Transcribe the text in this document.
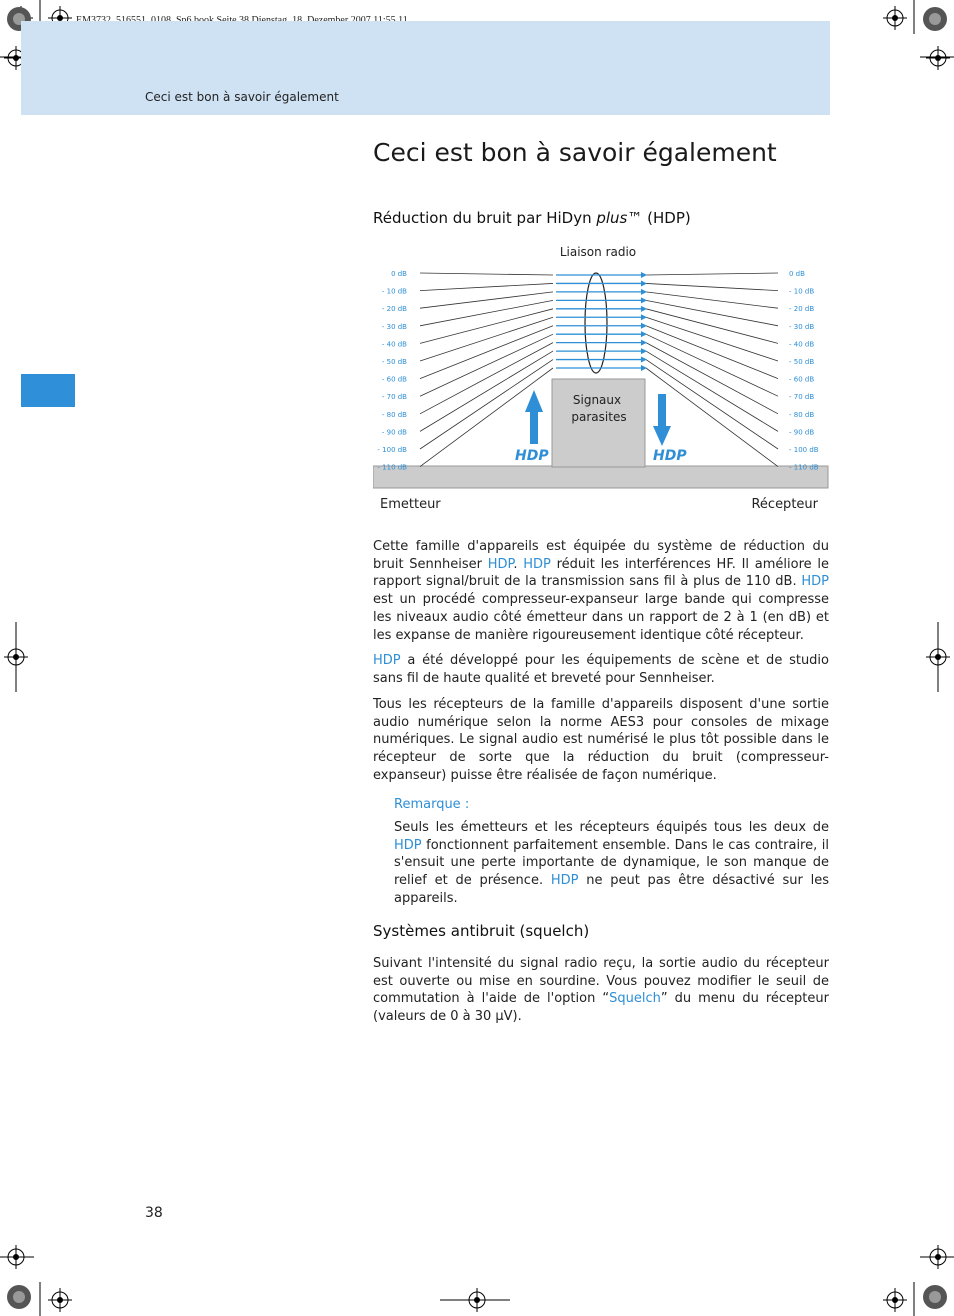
Ceci est bon à savoir également
Ceci est bon à savoir également
Réduction du bruit par HiDyn plus™ (HDP)
0 dB
- 10 dB
- 20 dB
- 30 dB
- 40 dB
- 50 dB
- 60 dB
- 70 dB
- 80 dB
- 90 dB
- 100 dB
- 110 dB
0 dB
- 10 dB
- 20 dB
- 30 dB
- 40 dB
- 50 dB
- 60 dB
- 70 dB
- 80 dB
- 90 dB
- 100 dB
- 110 dB
Liaison radio
Signaux
parasites
HDP	HDP
Emetteur	Récepteur

Cette famille d'appareils est équipée du système de réduction du bruit Sennheiser HDP. HDP réduit les interférences HF. Il améliore le rapport signal/bruit de la transmission sans fil à plus de 110 dB. HDP est un procédé compresseur-expanseur large bande qui compresse les niveaux audio côté émetteur dans un rapport de 2 à 1 (en dB) et les expanse de manière rigoureusement identique côté récepteur.

HDP a été développé pour les équipements de scène et de studio sans fil de haute qualité et breveté pour Sennheiser.

Tous les récepteurs de la famille d'appareils disposent d'une sortie audio numérique selon la norme AES3 pour consoles de mixage numériques. Le signal audio est numérisé le plus tôt possible dans le récepteur de sorte que la réduction du bruit (compresseur-expanseur) puisse être réalisée de façon numérique.

Remarque :

Seuls les émetteurs et les récepteurs équipés tous les deux de HDP fonctionnent parfaitement ensemble. Dans le cas contraire, il s'ensuit une perte importante de dynamique, le son manque de relief et de présence. HDP ne peut pas être désactivé sur les appareils.

Systèmes antibruit (squelch)

Suivant l'intensité du signal radio reçu, la sortie audio du récepteur est ouverte ou mise en sourdine. Vous pouvez modifier le seuil de commutation à l'aide de l'option “Squelch” du menu du récepteur (valeurs de 0 à 30 µV).

38
